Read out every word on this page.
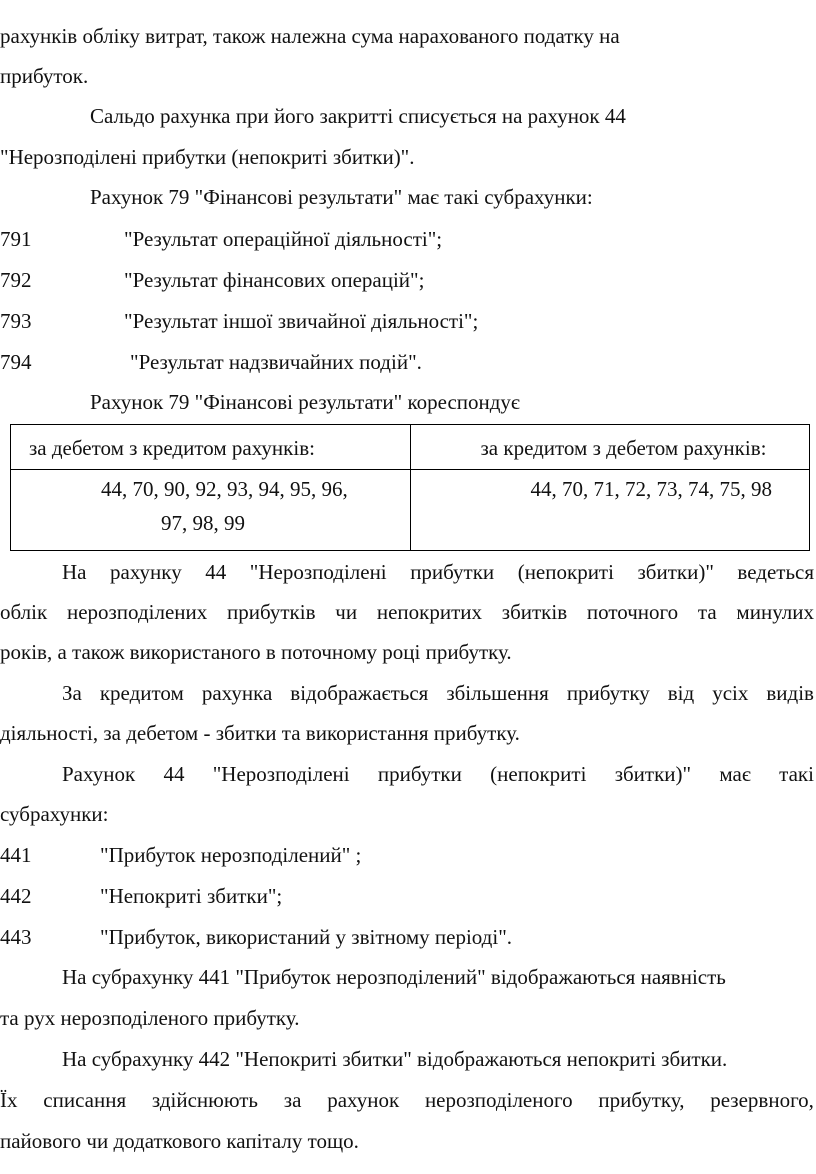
рахунків обліку витрат, також належна сума нарахованого податку на
прибуток.
Сальдо рахунка при його закритті списується на рахунок 44
"Нерозподілені прибутки (непокриті збитки)".
Рахунок 79 "Фінансові результати" має такі субрахунки:
791	"Результат операційної діяльності";
792	"Результат фінансових операцій";
793	"Результат іншої звичайної діяльності";
794	"Результат надзвичайних подій".
Рахунок 79 "Фінансові результати" кореспондує
за дебетом з кредитом рахунків:	за кредитом з дебетом рахунків:

44, 70, 90, 92, 93, 94, 95, 96,
97, 98, 99	44, 70, 71, 72, 73, 74, 75, 98
На рахунку 44 "Нерозподілені прибутки (непокриті збитки)" ведеться
облік нерозподілених прибутків чи непокритих збитків поточного та минулих
років, а також використаного в поточному році прибутку.
За кредитом рахунка відображається збільшення прибутку від усіх видів
діяльності, за дебетом - збитки та використання прибутку.
Рахунок 44 "Нерозподілені прибутки (непокриті збитки)" має такі
субрахунки:
441	"Прибуток нерозподілений" ;
442	"Непокриті збитки";
443	"Прибуток, використаний у звітному періоді".
На субрахунку 441 "Прибуток нерозподілений" відображаються наявність
та рух нерозподіленого прибутку.
На субрахунку 442 "Непокриті збитки" відображаються непокриті збитки.
Їх списання здійснюють за рахунок нерозподіленого прибутку, резервного,
пайового чи додаткового капіталу тощо.
